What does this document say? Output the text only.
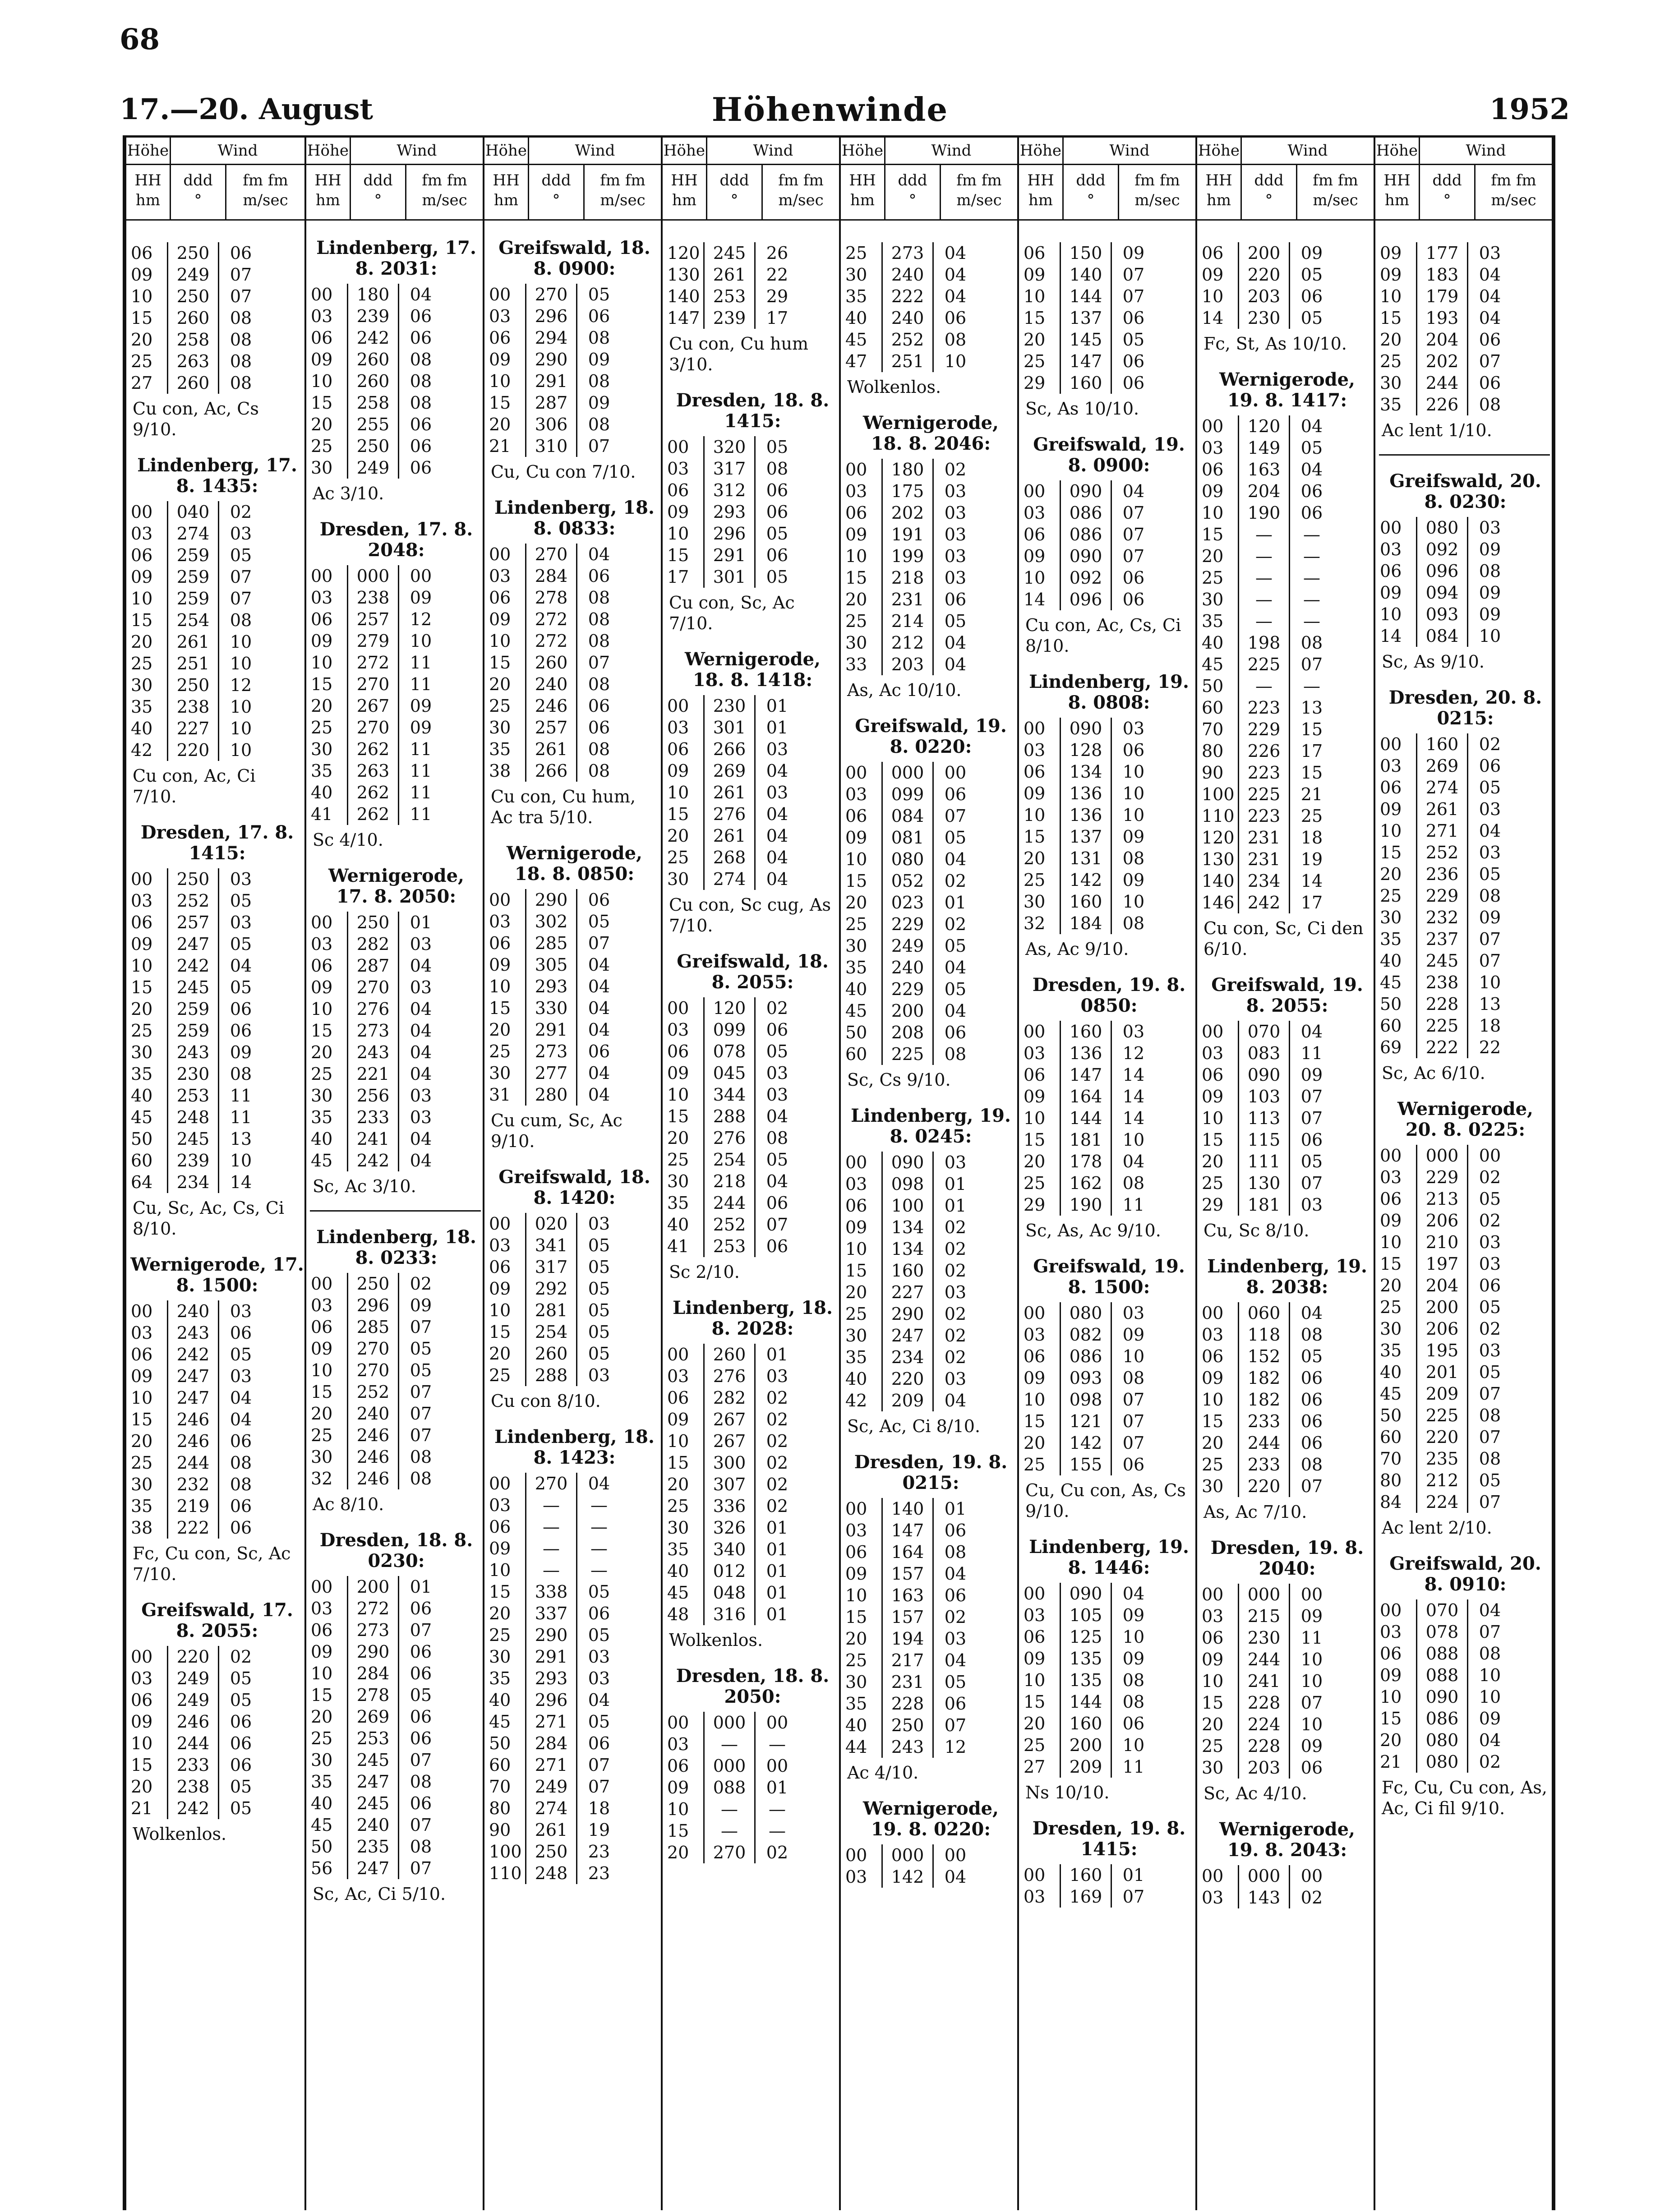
68
17.—20. August	Höhenwinde	1952
Höhe	Wind
HH
hm
ddd
°
fm fm
m/sec
06	250	06
09	249	07
10	250	07
15	260	08
20	258	08
25	263	08
27	260	08
Cu con, Ac, Cs 9/10.
Lindenberg, 17. 8. 1435:
00	040	02
03	274	03
06	259	05
09	259	07
10	259	07
15	254	08
20	261	10
25	251	10
30	250	12
35	238	10
40	227	10
42	220	10
Cu con, Ac, Ci 7/10.
Dresden, 17. 8. 1415:
00	250	03
03	252	05
06	257	03
09	247	05
10	242	04
15	245	05
20	259	06
25	259	06
30	243	09
35	230	08
40	253	11
45	248	11
50	245	13
60	239	10
64	234	14
Cu, Sc, Ac, Cs, Ci 8/10.
Wernigerode, 17. 8. 1500:
00	240	03
03	243	06
06	242	05
09	247	03
10	247	04
15	246	04
20	246	06
25	244	08
30	232	08
35	219	06
38	222	06
Fc, Cu con, Sc, Ac 7/10.
Greifswald, 17. 8. 2055:
00	220	02
03	249	05
06	249	05
09	246	06
10	244	06
15	233	06
20	238	05
21	242	05
Wolkenlos.
Höhe	Wind
HH
hm
ddd
°
fm fm
m/sec
Lindenberg, 17. 8. 2031:
00	180	04
03	239	06
06	242	06
09	260	08
10	260	08
15	258	08
20	255	06
25	250	06
30	249	06
Ac 3/10.
Dresden, 17. 8. 2048:
00	000	00
03	238	09
06	257	12
09	279	10
10	272	11
15	270	11
20	267	09
25	270	09
30	262	11
35	263	11
40	262	11
41	262	11
Sc 4/10.
Wernigerode, 17. 8. 2050:
00	250	01
03	282	03
06	287	04
09	270	03
10	276	04
15	273	04
20	243	04
25	221	04
30	256	03
35	233	03
40	241	04
45	242	04
Sc, Ac 3/10.
Lindenberg, 18. 8. 0233:
00	250	02
03	296	09
06	285	07
09	270	05
10	270	05
15	252	07
20	240	07
25	246	07
30	246	08
32	246	08
Ac 8/10.
Dresden, 18. 8. 0230:
00	200	01
03	272	06
06	273	07
09	290	06
10	284	06
15	278	05
20	269	06
25	253	06
30	245	07
35	247	08
40	245	06
45	240	07
50	235	08
56	247	07
Sc, Ac, Ci 5/10.
Höhe	Wind
HH
hm
ddd
°
fm fm
m/sec
Greifswald, 18. 8. 0900:
00	270	05
03	296	06
06	294	08
09	290	09
10	291	08
15	287	09
20	306	08
21	310	07
Cu, Cu con 7/10.
Lindenberg, 18. 8. 0833:
00	270	04
03	284	06
06	278	08
09	272	08
10	272	08
15	260	07
20	240	08
25	246	06
30	257	06
35	261	08
38	266	08
Cu con, Cu hum, Ac tra 5/10.
Wernigerode, 18. 8. 0850:
00	290	06
03	302	05
06	285	07
09	305	04
10	293	04
15	330	04
20	291	04
25	273	06
30	277	04
31	280	04
Cu cum, Sc, Ac 9/10.
Greifswald, 18. 8. 1420:
00	020	03
03	341	05
06	317	05
09	292	05
10	281	05
15	254	05
20	260	05
25	288	03
Cu con 8/10.
Lindenberg, 18. 8. 1423:
00	270	04
03	—	—
06	—	—
09	—	—
10	—	—
15	338	05
20	337	06
25	290	05
30	291	03
35	293	03
40	296	04
45	271	05
50	284	06
60	271	07
70	249	07
80	274	18
90	261	19
100 250	23
110 248	23
Höhe	Wind
HH
hm
ddd
°
fm fm
m/sec
120 245	26
130 261	22
140 253	29
147 239	17
Cu con, Cu hum 3/10.
Dresden, 18. 8. 1415:
00	320	05
03	317	08
06	312	06
09	293	06
10	296	05
15	291	06
17	301	05
Cu con, Sc, Ac 7/10.
Wernigerode, 18. 8. 1418:
00	230	01
03	301	01
06	266	03
09	269	04
10	261	03
15	276	04
20	261	04
25	268	04
30	274	04
Cu con, Sc cug, As 7/10.
Greifswald, 18. 8. 2055:
00	120	02
03	099	06
06	078	05
09	045	03
10	344	03
15	288	04
20	276	08
25	254	05
30	218	04
35	244	06
40	252	07
41	253	06
Sc 2/10.
Lindenberg, 18. 8. 2028:
00	260	01
03	276	03
06	282	02
09	267	02
10	267	02
15	300	02
20	307	02
25	336	02
30	326	01
35	340	01
40	012	01
45	048	01
48	316	01
Wolkenlos.
Dresden, 18. 8. 2050:
00	000	00
03	—	—
06	000	00
09	088	01
10	—	—
15	—	—
20	270	02
Höhe	Wind
HH
hm
ddd
°
fm fm
m/sec
25	273	04
30	240	04
35	222	04
40	240	06
45	252	08
47	251	10
Wolkenlos.
Wernigerode, 18. 8. 2046:
00	180	02
03	175	03
06	202	03
09	191	03
10	199	03
15	218	03
20	231	06
25	214	05
30	212	04
33	203	04
As, Ac 10/10.
Greifswald, 19. 8. 0220:
00	000	00
03	099	06
06	084	07
09	081	05
10	080	04
15	052	02
20	023	01
25	229	02
30	249	05
35	240	04
40	229	05
45	200	04
50	208	06
60	225	08
Sc, Cs 9/10.
Lindenberg, 19. 8. 0245:
00	090	03
03	098	01
06	100	01
09	134	02
10	134	02
15	160	02
20	227	03
25	290	02
30	247	02
35	234	02
40	220	03
42	209	04
Sc, Ac, Ci 8/10.
Dresden, 19. 8. 0215:
00	140	01
03	147	06
06	164	08
09	157	04
10	163	06
15	157	02
20	194	03
25	217	04
30	231	05
35	228	06
40	250	07
44	243	12
Ac 4/10.
Wernigerode, 19. 8. 0220:
00	000	00
03	142	04
Höhe	Wind
HH
hm
ddd
°
fm fm
m/sec
06	150	09
09	140	07
10	144	07
15	137	06
20	145	05
25	147	06
29	160	06
Sc, As 10/10.
Greifswald, 19. 8. 0900:
00	090	04
03	086	07
06	086	07
09	090	07
10	092	06
14	096	06
Cu con, Ac, Cs, Ci 8/10.
Lindenberg, 19. 8. 0808:
00	090	03
03	128	06
06	134	10
09	136	10
10	136	10
15	137	09
20	131	08
25	142	09
30	160	10
32	184	08
As, Ac 9/10.
Dresden, 19. 8. 0850:
00	160	03
03	136	12
06	147	14
09	164	14
10	144	14
15	181	10
20	178	04
25	162	08
29	190	11
Sc, As, Ac 9/10.
Greifswald, 19. 8. 1500:
00	080	03
03	082	09
06	086	10
09	093	08
10	098	07
15	121	07
20	142	07
25	155	06
Cu, Cu con, As, Cs 9/10.
Lindenberg, 19. 8. 1446:
00	090	04
03	105	09
06	125	10
09	135	09
10	135	08
15	144	08
20	160	06
25	200	10
27	209	11
Ns 10/10.
Dresden, 19. 8. 1415:
00	160	01
03	169	07
Höhe	Wind
HH
hm
ddd
°
fm fm
m/sec
06	200	09
09	220	05
10	203	06
14	230	05
Fc, St, As 10/10.
Wernigerode, 19. 8. 1417:
00	120	04
03	149	05
06	163	04
09	204	06
10	190	06
15	—	—
20	—	—
25	—	—
30	—	—
35	—	—
40	198	08
45	225	07
50	—	—
60	223	13
70	229	15
80	226	17
90	223	15
100 225	21
110 223	25
120 231	18
130 231	19
140 234	14
146 242	17
Cu con, Sc, Ci den 6/10.
Greifswald, 19. 8. 2055:
00	070	04
03	083	11
06	090	09
09	103	07
10	113	07
15	115	06
20	111	05
25	130	07
29	181	03
Cu, Sc 8/10.
Lindenberg, 19. 8. 2038:
00	060	04
03	118	08
06	152	05
09	182	06
10	182	06
15	233	06
20	244	06
25	233	08
30	220	07
As, Ac 7/10.
Dresden, 19. 8. 2040:
00	000	00
03	215	09
06	230	11
09	244	10
10	241	10
15	228	07
20	224	10
25	228	09
30	203	06
Sc, Ac 4/10.
Wernigerode, 19. 8. 2043:
00	000	00
03	143	02
Höhe	Wind
HH
hm
ddd
°
fm fm
m/sec
09	177	03
09	183	04
10	179	04
15	193	04
20	204	06
25	202	07
30	244	06
35	226	08
Ac lent 1/10.
Greifswald, 20. 8. 0230:
00	080	03
03	092	09
06	096	08
09	094	09
10	093	09
14	084	10
Sc, As 9/10.
Dresden, 20. 8. 0215:
00	160	02
03	269	06
06	274	05
09	261	03
10	271	04
15	252	03
20	236	05
25	229	08
30	232	09
35	237	07
40	245	07
45	238	10
50	228	13
60	225	18
69	222	22
Sc, Ac 6/10.
Wernigerode, 20. 8. 0225:
00	000	00
03	229	02
06	213	05
09	206	02
10	210	03
15	197	03
20	204	06
25	200	05
30	206	02
35	195	03
40	201	05
45	209	07
50	225	08
60	220	07
70	235	08
80	212	05
84	224	07
Ac lent 2/10.
Greifswald, 20. 8. 0910:
00	070	04
03	078	07
06	088	08
09	088	10
10	090	10
15	086	09
20	080	04
21	080	02
Fc, Cu, Cu con, As, Ac, Ci fil 9/10.
